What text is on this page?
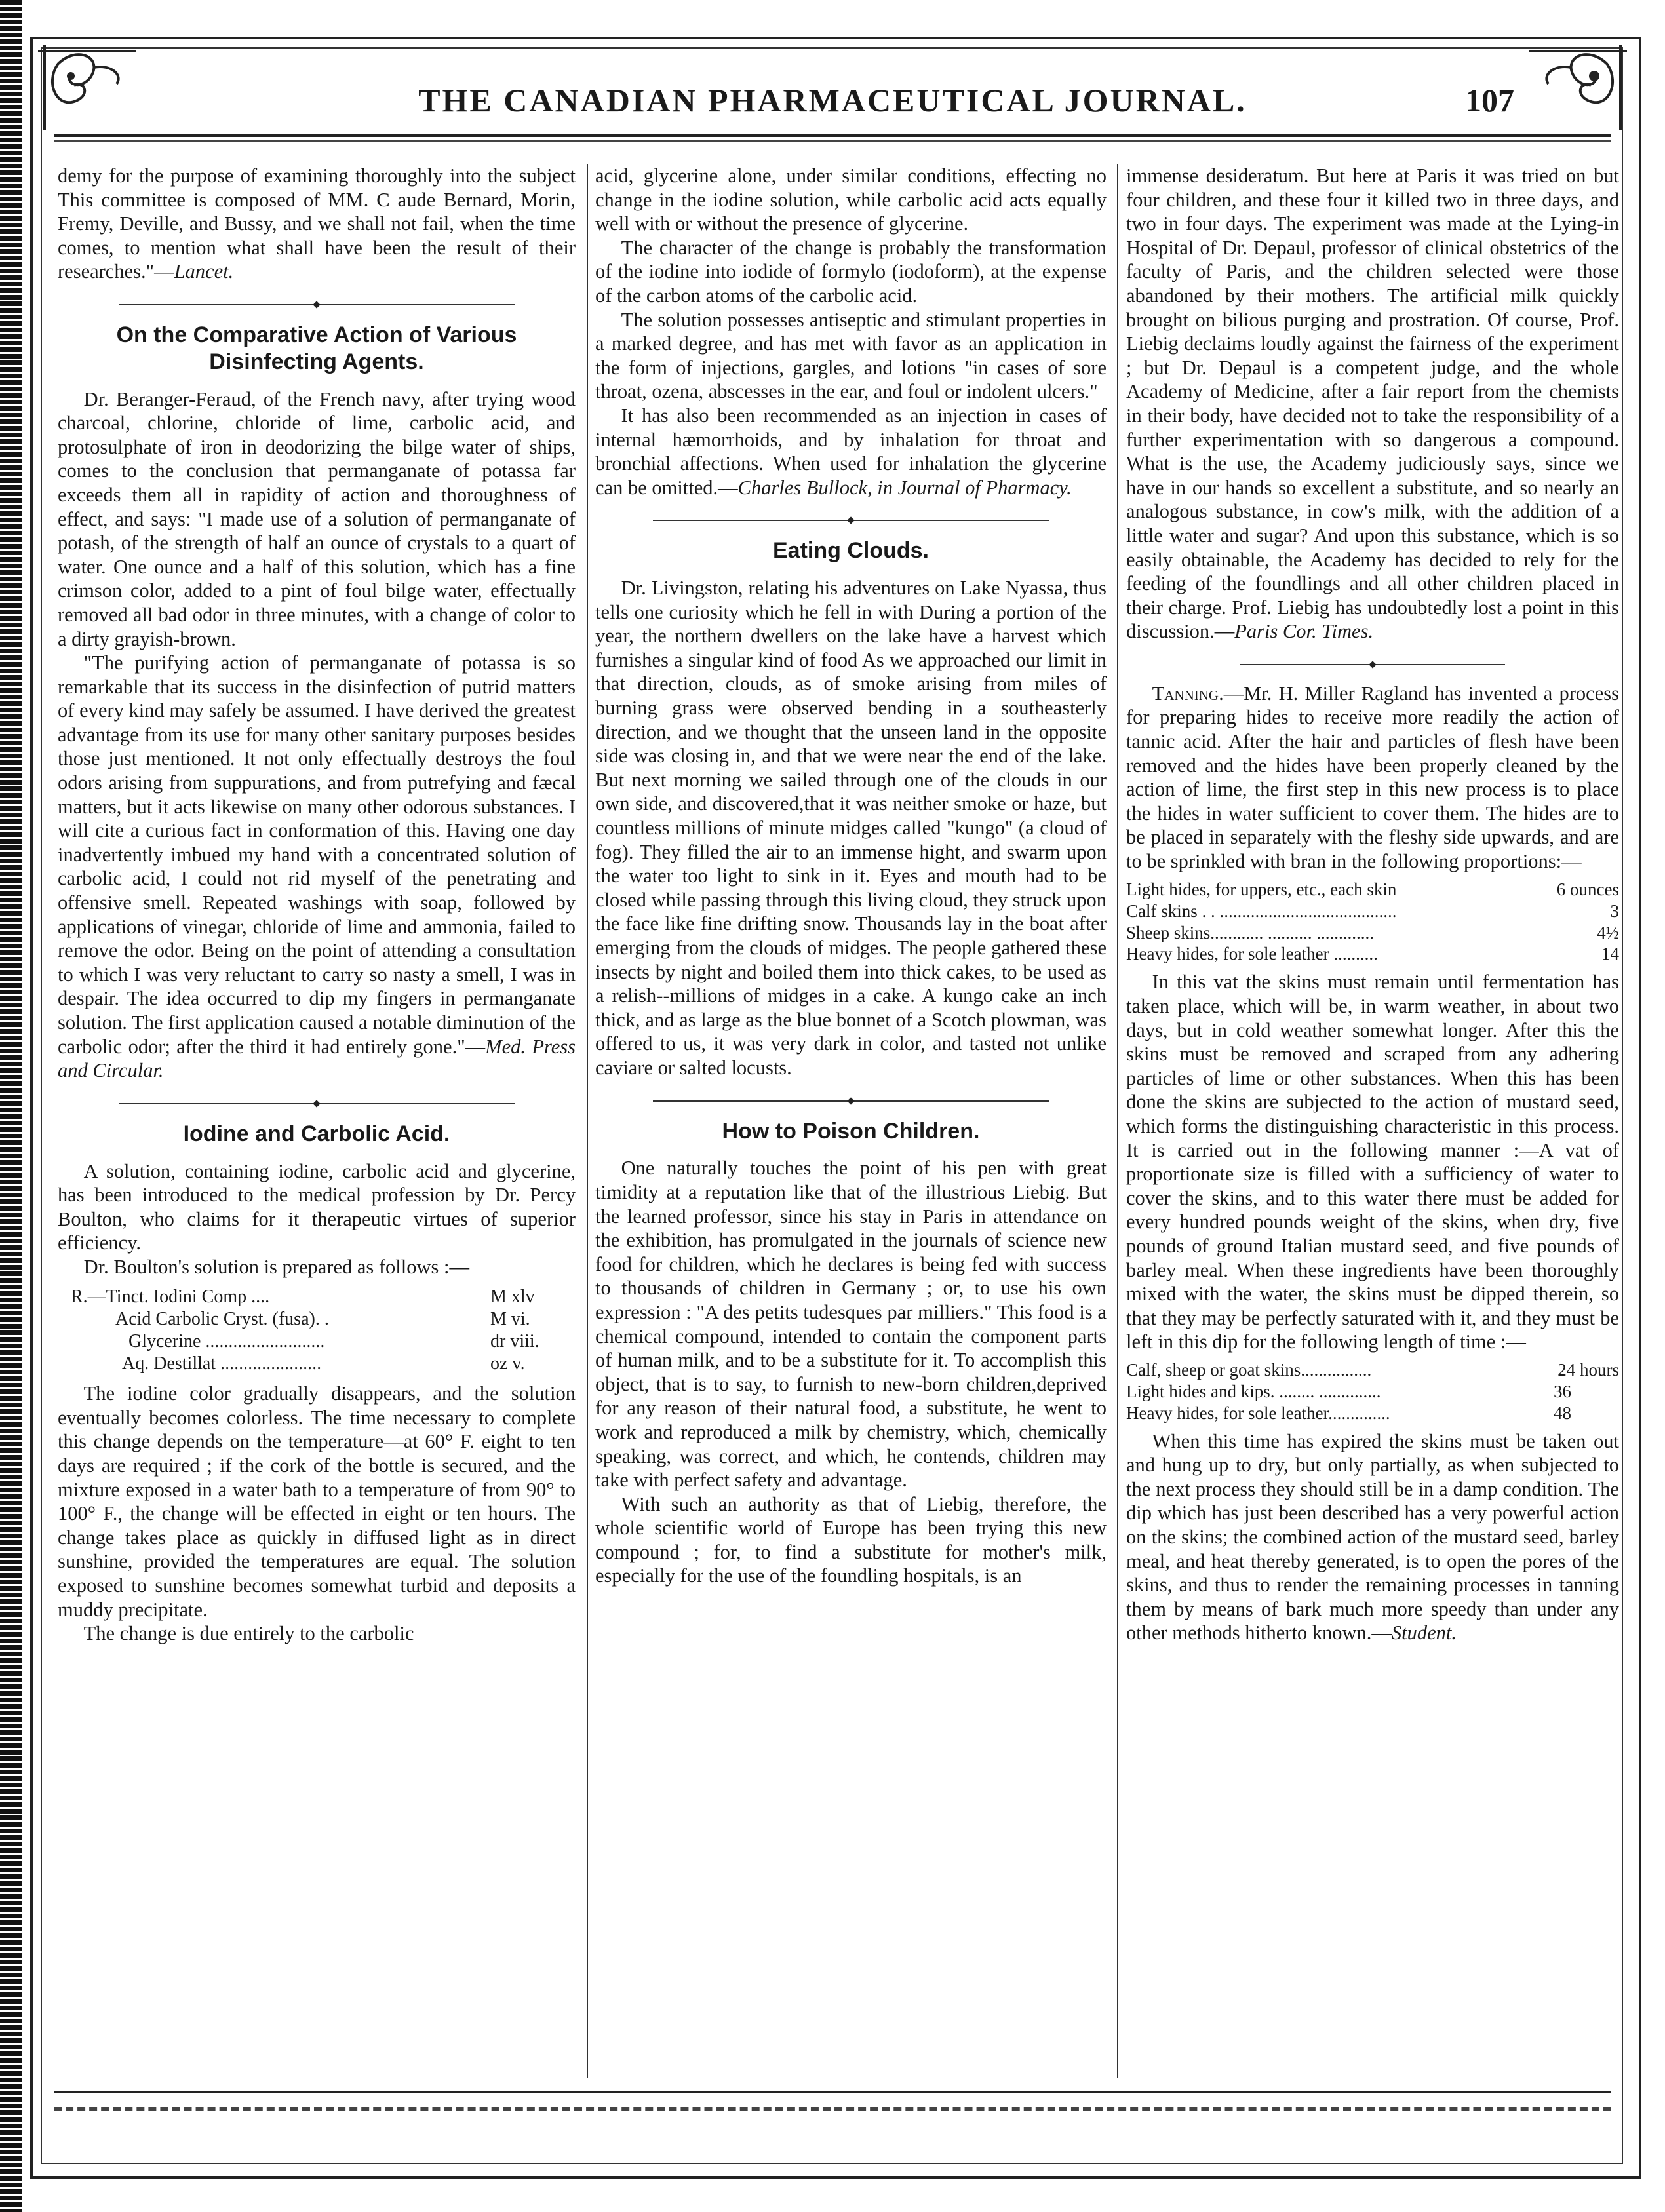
THE CANADIAN PHARMACEUTICAL JOURNAL.	107

demy for the purpose of examining thoroughly into the subject This committee is composed of MM. C aude Bernard, Morin, Fremy, Deville, and Bussy, and we shall not fail, when the time comes, to mention what shall have been the result of their researches."—Lancet.

On the Comparative Action of Various Disinfecting Agents.

Dr. Beranger-Feraud, of the French navy, after trying wood charcoal, chlorine, chloride of lime, carbolic acid, and protosulphate of iron in deodorizing the bilge water of ships, comes to the conclusion that permanganate of potassa far exceeds them all in rapidity of action and thoroughness of effect, and says: "I made use of a solution of permanganate of potash, of the strength of half an ounce of crystals to a quart of water. One ounce and a half of this solution, which has a fine crimson color, added to a pint of foul bilge water, effectually removed all bad odor in three minutes, with a change of color to a dirty grayish-brown.

"The purifying action of permanganate of potassa is so remarkable that its success in the disinfection of putrid matters of every kind may safely be assumed. I have derived the greatest advantage from its use for many other sanitary purposes besides those just mentioned. It not only effectually destroys the foul odors arising from suppurations, and from putrefying and fæcal matters, but it acts likewise on many other odorous substances. I will cite a curious fact in conformation of this. Having one day inadvertently imbued my hand with a concentrated solution of carbolic acid, I could not rid myself of the penetrating and offensive smell. Repeated washings with soap, followed by applications of vinegar, chloride of lime and ammonia, failed to remove the odor. Being on the point of attending a consultation to which I was very reluctant to carry so nasty a smell, I was in despair. The idea occurred to dip my fingers in permanganate solution. The first application caused a notable diminution of the carbolic odor; after the third it had entirely gone."—Med. Press and Circular.

Iodine and Carbolic Acid.

A solution, containing iodine, carbolic acid and glycerine, has been introduced to the medical profession by Dr. Percy Boulton, who claims for it therapeutic virtues of superior efficiency.

Dr. Boulton's solution is prepared as follows :—

R.—Tinct. Iodini Comp ....	M xlv
Acid Carbolic Cryst. (fusa). .	M vi.
Glycerine ..........................	dr viii.
Aq. Destillat ......................	oz v.

The iodine color gradually disappears, and the solution eventually becomes colorless. The time necessary to complete this change depends on the temperature—at 60° F. eight to ten days are required ; if the cork of the bottle is secured, and the mixture exposed in a water bath to a temperature of from 90° to 100° F., the change will be effected in eight or ten hours. The change takes place as quickly in diffused light as in direct sunshine, provided the temperatures are equal. The solution exposed to sunshine becomes somewhat turbid and deposits a muddy precipitate.

The change is due entirely to the carbolic

acid, glycerine alone, under similar conditions, effecting no change in the iodine solution, while carbolic acid acts equally well with or without the presence of glycerine.

The character of the change is probably the transformation of the iodine into iodide of formylo (iodoform), at the expense of the carbon atoms of the carbolic acid.

The solution possesses antiseptic and stimulant properties in a marked degree, and has met with favor as an application in the form of injections, gargles, and lotions "in cases of sore throat, ozena, abscesses in the ear, and foul or indolent ulcers."

It has also been recommended as an injection in cases of internal hæmorrhoids, and by inhalation for throat and bronchial affections. When used for inhalation the glycerine can be omitted.—Charles Bullock, in Journal of Pharmacy.

Eating Clouds.

Dr. Livingston, relating his adventures on Lake Nyassa, thus tells one curiosity which he fell in with During a portion of the year, the northern dwellers on the lake have a harvest which furnishes a singular kind of food As we approached our limit in that direction, clouds, as of smoke arising from miles of burning grass were observed bending in a southeasterly direction, and we thought that the unseen land in the opposite side was closing in, and that we were near the end of the lake. But next morning we sailed through one of the clouds in our own side, and discovered,that it was neither smoke or haze, but countless millions of minute midges called "kungo" (a cloud of fog). They filled the air to an immense hight, and swarm upon the water too light to sink in it. Eyes and mouth had to be closed while passing through this living cloud, they struck upon the face like fine drifting snow. Thousands lay in the boat after emerging from the clouds of midges. The people gathered these insects by night and boiled them into thick cakes, to be used as a relish--millions of midges in a cake. A kungo cake an inch thick, and as large as the blue bonnet of a Scotch plowman, was offered to us, it was very dark in color, and tasted not unlike caviare or salted locusts.

How to Poison Children.

One naturally touches the point of his pen with great timidity at a reputation like that of the illustrious Liebig. But the learned professor, since his stay in Paris in attendance on the exhibition, has promulgated in the journals of science new food for children, which he declares is being fed with success to thousands of children in Germany ; or, to use his own expression : "A des petits tudesques par milliers." This food is a chemical compound, intended to contain the component parts of human milk, and to be a substitute for it. To accomplish this object, that is to say, to furnish to new-born children,deprived for any reason of their natural food, a substitute, he went to work and reproduced a milk by chemistry, which, chemically speaking, was correct, and which, he contends, children may take with perfect safety and advantage.

With such an authority as that of Liebig, therefore, the whole scientific world of Europe has been trying this new compound ; for, to find a substitute for mother's milk, especially for the use of the foundling hospitals, is an

immense desideratum. But here at Paris it was tried on but four children, and these four it killed two in three days, and two in four days. The experiment was made at the Lying-in Hospital of Dr. Depaul, professor of clinical obstetrics of the faculty of Paris, and the children selected were those abandoned by their mothers. The artificial milk quickly brought on bilious purging and prostration. Of course, Prof. Liebig declaims loudly against the fairness of the experiment ; but Dr. Depaul is a competent judge, and the whole Academy of Medicine, after a fair report from the chemists in their body, have decided not to take the responsibility of a further experimentation with so dangerous a compound. What is the use, the Academy judiciously says, since we have in our hands so excellent a substitute, and so nearly an analogous substance, in cow's milk, with the addition of a little water and sugar? And upon this substance, which is so easily obtainable, the Academy has decided to rely for the feeding of the foundlings and all other children placed in their charge. Prof. Liebig has undoubtedly lost a point in this discussion.—Paris Cor. Times.

Tanning.—Mr. H. Miller Ragland has invented a process for preparing hides to receive more readily the action of tannic acid. After the hair and particles of flesh have been removed and the hides have been properly cleaned by the action of lime, the first step in this new process is to place the hides in water sufficient to cover them. The hides are to be placed in separately with the fleshy side upwards, and are to be sprinkled with bran in the following proportions:—

Light hides, for uppers, etc., each skin	6 ounces
Calf skins . . ........................................	3
Sheep skins............ .......... .............	4½
Heavy hides, for sole leather ..........	14

In this vat the skins must remain until fermentation has taken place, which will be, in warm weather, in about two days, but in cold weather somewhat longer. After this the skins must be removed and scraped from any adhering particles of lime or other substances. When this has been done the skins are subjected to the action of mustard seed, which forms the distinguishing characteristic in this process. It is carried out in the following manner :—A vat of proportionate size is filled with a sufficiency of water to cover the skins, and to this water there must be added for every hundred pounds weight of the skins, when dry, five pounds of ground Italian mustard seed, and five pounds of barley meal. When these ingredients have been thoroughly mixed with the water, the skins must be dipped therein, so that they may be perfectly saturated with it, and they must be left in this dip for the following length of time :—

Calf, sheep or goat skins................	24 hours
Light hides and kips. ........ ..............	36
Heavy hides, for sole leather..............	48

When this time has expired the skins must be taken out and hung up to dry, but only partially, as when subjected to the next process they should still be in a damp condition. The dip which has just been described has a very powerful action on the skins; the combined action of the mustard seed, barley meal, and heat thereby generated, is to open the pores of the skins, and thus to render the remaining processes in tanning them by means of bark much more speedy than under any other methods hitherto known.—Student.
